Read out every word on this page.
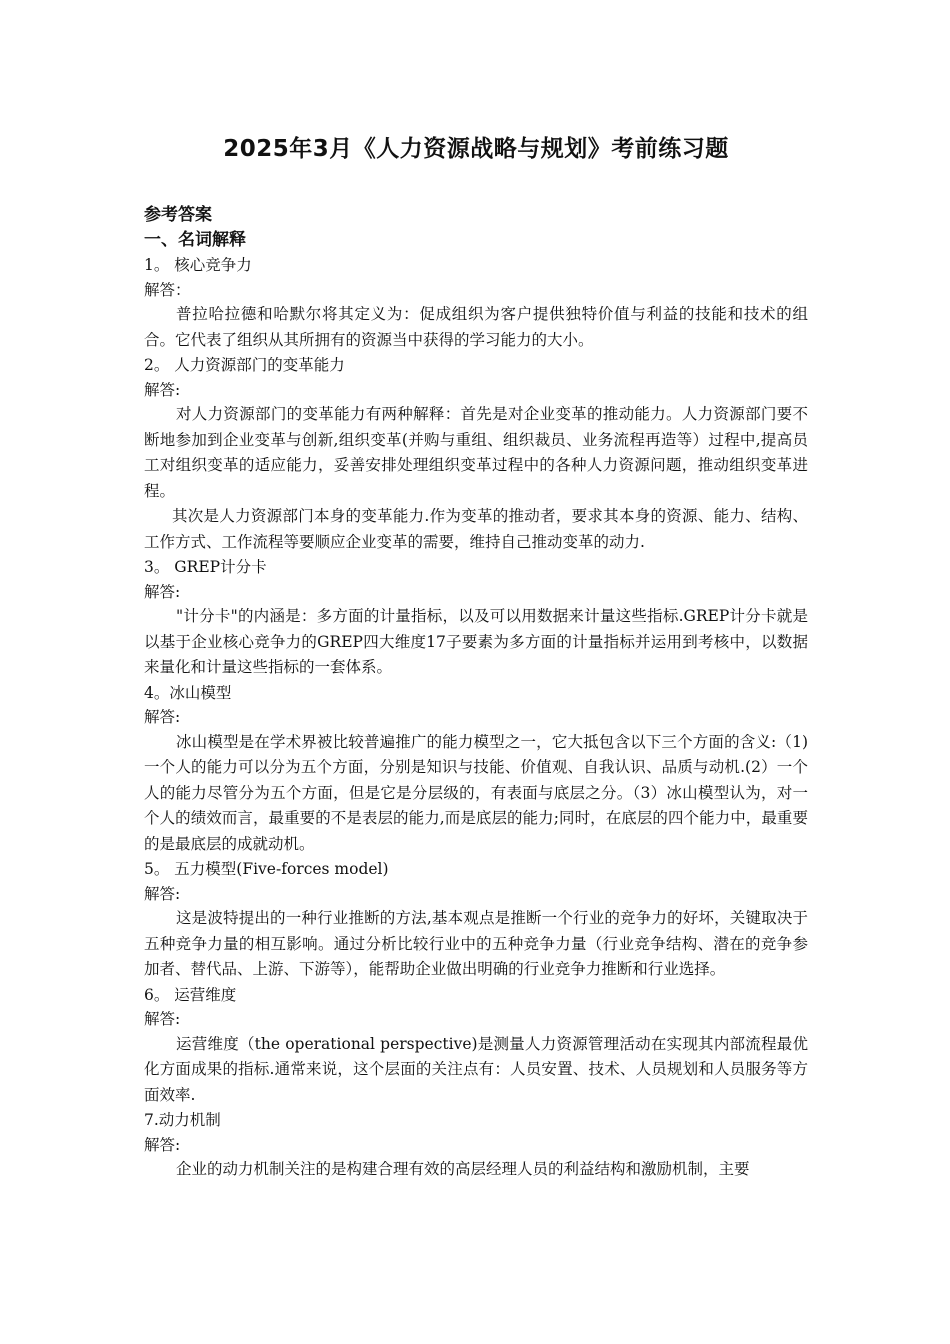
2025年3月《人力资源战略与规划》考前练习题

参考答案

一、名词解释

1。 核心竞争力

解答：

普拉哈拉德和哈默尔将其定义为：促成组织为客户提供独特价值与利益的技能和技术的组合。它代表了组织从其所拥有的资源当中获得的学习能力的大小。

2。 人力资源部门的变革能力

解答:

对人力资源部门的变革能力有两种解释：首先是对企业变革的推动能力。人力资源部门要不断地参加到企业变革与创新,组织变革(并购与重组、组织裁员、业务流程再造等）过程中,提高员工对组织变革的适应能力，妥善安排处理组织变革过程中的各种人力资源问题，推动组织变革进程。

其次是人力资源部门本身的变革能力.作为变革的推动者，要求其本身的资源、能力、结构、工作方式、工作流程等要顺应企业变革的需要，维持自己推动变革的动力.

3。 GREP计分卡

解答:

"计分卡"的内涵是：多方面的计量指标，以及可以用数据来计量这些指标.GREP计分卡就是以基于企业核心竞争力的GREP四大维度17子要素为多方面的计量指标并运用到考核中，以数据来量化和计量这些指标的一套体系。

4。冰山模型

解答:

冰山模型是在学术界被比较普遍推广的能力模型之一，它大抵包含以下三个方面的含义:（1)一个人的能力可以分为五个方面，分别是知识与技能、价值观、自我认识、品质与动机.(2）一个人的能力尽管分为五个方面，但是它是分层级的，有表面与底层之分。（3）冰山模型认为，对一个人的绩效而言，最重要的不是表层的能力,而是底层的能力;同时，在底层的四个能力中，最重要的是最底层的成就动机。

5。 五力模型(Five-forces model)

解答:

这是波特提出的一种行业推断的方法,基本观点是推断一个行业的竞争力的好坏，关键取决于五种竞争力量的相互影响。通过分析比较行业中的五种竞争力量（行业竞争结构、潜在的竞争参加者、替代品、上游、下游等），能帮助企业做出明确的行业竞争力推断和行业选择。

6。 运营维度

解答:

运营维度（the operational perspective)是测量人力资源管理活动在实现其内部流程最优化方面成果的指标.通常来说，这个层面的关注点有：人员安置、技术、人员规划和人员服务等方面效率.

7.动力机制

解答:

企业的动力机制关注的是构建合理有效的高层经理人员的利益结构和激励机制，主要
